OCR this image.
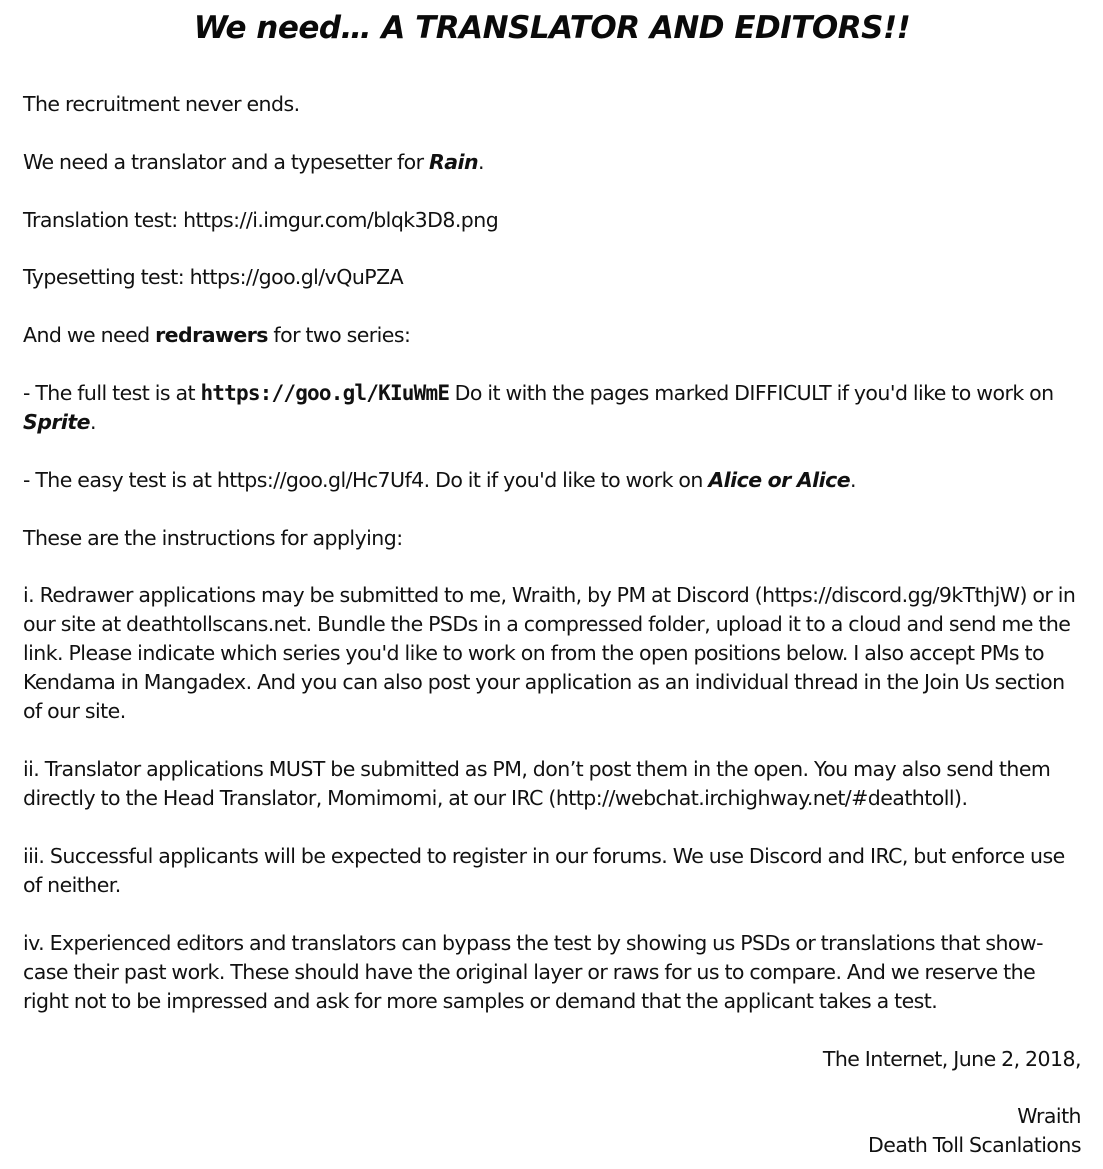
We need… A TRANSLATOR AND EDITORS!!

The recruitment never ends.

We need a translator and a typesetter for Rain.

Translation test: https://i.imgur.com/blqk3D8.png

Typesetting test: https://goo.gl/vQuPZA

And we need redrawers for two series:

- The full test is at https://goo.gl/KIuWmE Do it with the pages marked DIFFICULT if you'd like to work on Sprite.

- The easy test is at https://goo.gl/Hc7Uf4. Do it if you'd like to work on Alice or Alice.

These are the instructions for applying:

i. Redrawer applications may be submitted to me, Wraith, by PM at Discord (https://discord.gg/9kTthjW) or in our site at deathtollscans.net. Bundle the PSDs in a compressed folder, upload it to a cloud and send me the link. Please indicate which series you'd like to work on from the open positions below. I also accept PMs to Kendama in Mangadex. And you can also post your application as an individual thread in the Join Us section of our site.

ii. Translator applications MUST be submitted as PM, don’t post them in the open. You may also send them directly to the Head Translator, Momimomi, at our IRC (http://webchat.irchighway.net/#deathtoll).

iii. Successful applicants will be expected to register in our forums. We use Discord and IRC, but enforce use of neither.

iv. Experienced editors and translators can bypass the test by showing us PSDs or translations that show-case their past work. These should have the original layer or raws for us to compare. And we reserve the right not to be impressed and ask for more samples or demand that the applicant takes a test.

The Internet, June 2, 2018,
Wraith
Death Toll Scanlations
